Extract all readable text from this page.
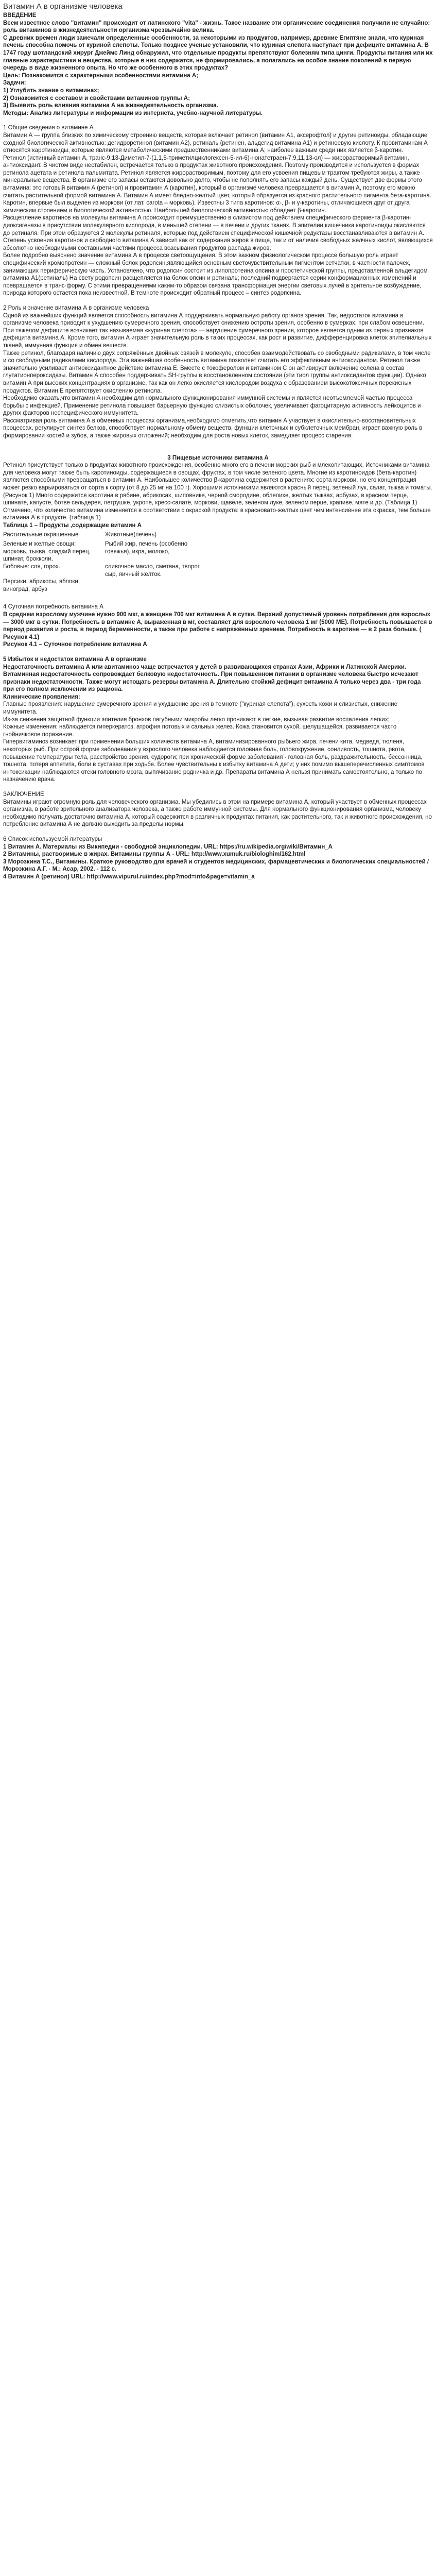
Витамин А в организме человека

ВВЕДЕНИЕ

Всем известное слово "витамин" происходит от латинского "vita" - жизнь. Такое название эти органические соединения получили не случайно: роль витаминов в жизнедеятельности организма чрезвычайно велика.

С древних времен люди замечали определенные особенности, за некоторыми из продуктов, например, древние Египтяне знали, что куриная печень способна помочь от куриной слепоты. Только позднее ученые установили, что куриная слепота наступает при дефиците витамина А. В 1747 году шотландский хирург Джеймс Линд обнаружил, что отдельные продукты препятствуют болезням типа цинги. Продукты питания или их главные характеристики и вещества, которые в них содержатся, не формировались, а полагались на особое знание поколений в первую очередь в виде жизненного опыта. Но что же особенного в этих продуктах?

Цель: Познакомится с характерными особенностями витамина А;

Задачи:

1) Углубить знание о витаминах;

2) Ознакомится с составом и свойствами витаминов группы А;

3) Выявить роль влияния витамина А на жизнедеятельность организма.

Методы: Анализ литературы и информации из интернета, учебно-научной литературы.

1 Общие сведения о витамине А

Витамин А — группа близких по химическому строению веществ, которая включает ретинол (витамин A1, аксерофтол) и другие ретиноиды, обладающие сходной биологической активностью: дегидроретинол (витамин A2), ретиналь (ретинен, альдегид витамина A1) и ретиноевую кислоту. К провитаминам А относятся каротиноиды, которые являются метаболическими предшественниками витамина А; наиболее важным среди них является β-каротин.

Ретинол (истинный витамин А, транс-9,13-Диметил-7-(1,1,5-триметилциклогексен-5-ил-6)-нонатетраен-7,9,11,13-ол) — жирорастворимый витамин, антиоксидант. В чистом виде нестабилен, встречается только в продуктах животного происхождения. Поэтому производится и используется в формах ретинола ацетата и ретинола пальмитата. Ретинол является жирорастворимым, поэтому для его усвоения пищевым трактом требуются жиры, а также минеральные вещества. В организме его запасы остаются довольно долго, чтобы не пополнять его запасы каждый день. Существует две формы этого витамина: это готовый витамин А (ретинол) и провитамин А (каротин), который в организме человека превращается в витамин А, поэтому его можно считать растительной формой витамина А. Витамин А имеет бледно-желтый цвет, который образуется из красного растительного пигмента бета-каротина.

Каротин, впервые был выделен из моркови (от лат. carota – морковь). Известны 3 типа каротинов: α-, β- и γ-каротины, отличающиеся друг от друга химическим строением и биологической активностью. Наибольшей биологической активностью обладает β-каротин.

Расщепление каротинов на молекулы витамина А происходит преимущественно в слизистом под действием специфического фермента β-каротин-диоксигеназы в присутствии молекулярного кислорода, в меньшей степени — в печени и других тканях. В эпителии кишечника каротиноиды окисляются до ретиналя. При этом образуются 2 молекулы ретиналя, которые под действием специфической кишечной редуктазы восстанавливаются в витамин А. Степень усвоения каротинов и свободного витамина А зависит как от содержания жиров в пище, так и от наличия свободных желчных кислот, являющихся абсолютно необходимыми составными частями процесса всасывания продуктов распада жиров.

Более подробно выяснено значение витамина А в процессе светоощущения. В этом важном физиологическом процессе большую роль играет специфический хромопротеин — сложный белок родопсин,являющийся основным светочувствительным пигментом сетчатки, в частности палочек, занимающих периферическую часть. Установлено, что родопсин состоит из липопротеина опсина и простетической группы, представленной альдегидом витамина A1(ретиналь) На свету родопсин расщепляется на белок опсин и ретиналь; последний подвергается серии конформационных изменений и превращается в транс-форму. С этими превращениями каким-то образом связана трансформация энергии световых лучей в зрительное возбуждение, природа которого остается пока неизвестной. В темноте происходит обратный процесс – синтез родопсина.

2 Роль и значение витамина А в организме человека

Одной из важнейших функций является способность витамина А поддерживать нормальную работу органов зрения. Так, недостаток витамина в организме человека приводит к ухудшению сумеречного зрения, способствует снижению остроты зрения, особенно в сумерках, при слабом освещении. При тяжелом дефиците возникает так называемая «куриная слепота» — нарушение сумеречного зрения, которое является одним из первых признаков дефицита витамина А. Кроме того, витамин А играет значительную роль в таких процессах, как рост и развитие, дифференцировка клеток эпителиальных тканей, иммунная функция и обмен веществ.

Также ретинол, благодаря наличию двух сопряжённых двойных связей в молекуле, способен взаимодействовать со свободными радикалами, в том числе и со свободными радикалами кислорода. Эта важнейшая особенность витамина позволяет считать его эффективным антиоксидантом. Ретинол также значительно усиливает антиоксидантное действие витамина Е. Вместе с токоферолом и витамином С он активирует включение селена в состав глутатионпероксидазы. Витамин А способен поддерживать SH-группы в восстановленном состоянии (эти тиол группы антиоксидантов функции). Однако витамин А при высоких концентрациях в организме, так как он легко окисляется кислородом воздуха с образованием высокотоксичных перекисных продуктов. Витамин Е препятствует окислению ретинола.

Необходимо сказать,что витамин А необходим для нормального функционирования иммунной системы и является неотъемлемой частью процесса борьбы с инфекцией. Применение ретинола повышает барьерную функцию слизистых оболочек, увеличивает фагоцитарную активность лейкоцитов и других факторов неспецифического иммунитета.

Рассматривая роль витамина А в обменных процессах организма,необходимо отметить,что витамин А участвует в окислительно-восстановительных процессах, регулирует синтез белков, способствует нормальному обмену веществ, функции клеточных и субклеточных мембран, играет важную роль в формировании костей и зубов, а также жировых отложений; необходим для роста новых клеток, замедляет процесс старения.

3 Пищевые источники витамина А

Ретинол присутствует только в продуктах животного происхождения, особенно много его в печени морских рыб и млекопитающих. Источниками витамина для человека могут также быть каротиноиды, содержащиеся в овощах, фруктах, в том числе зеленого цвета. Многие из каротиноидов (бета-каротин) являются способными превращаться в витамин А. Наибольшее количество β-каротина содержится в растениях: сорта моркови, но его концентрация может резко варьироваться от сорта к сорту (от 8 до 25 мг на 100 г). Хорошими источниками являются красный перец, зеленый лук, салат, тыква и томаты. (Рисунок 1) Много содержится каротина в рябине, абрикосах, шиповнике, черной смородине, облепихе, желтых тыквах, арбузах, в красном перце, шпинате, капусте, ботве сельдерея, петрушке, укропе, кресс-салате, моркови, щавеле, зеленом луке, зеленом перце, крапиве, мяте и др. (Таблица 1) Отмечено, что количество витамина изменяется в соответствии с окраской продукта: в красновато-желтых цвет чем интенсивнее эта окраска, тем больше витамина А в продукте. (таблица 1)

Таблица 1 – Продукты ,содержащие витамин А

Растительные окрашенные	Животные(печень)	
Зеленые и желтые овощи: морковь, тыква, сладкий перец, шпинат, брокколи,	Рыбий жир, печень (особенно говяжья), икра, молоко,	
Бобовые: соя, горох.	сливочное масло, сметана, творог, сыр, яичный желток.	
Персики, абрикосы, яблоки, виноград, арбуз		

4 Суточная потребность витамина А

В среднем взрослому мужчине нужно 900 мкг, а женщине 700 мкг витамина А в сутки. Верхний допустимый уровень потребления для взрослых — 3000 мкг в сутки. Потребность в витамине А, выраженная в мг, составляет для взрослого человека 1 мг (5000 МЕ). Потребность повышается в период развития и роста, в период беременности, а также при работе с напряжённым зрением. Потребность в каротине — в 2 раза больше. ( Рисунок 4.1)

Рисунок 4.1 – Суточное потребление витамина А

5 Избыток и недостаток витамина А в организме

Недостаточность витамина А или авитаминоз чаще встречается у детей в развивающихся странах Азии, Африки и Латинской Америки. Витаминная недостаточность сопровождает белковую недостаточность. При повышенном питании в организме человека быстро исчезают признаки недостаточности. Также могут истощать резервы витамина А. Длительно стойкий дефицит витамина А только через два - три года при его полном исключении из рациона.

Клинические проявления:

Главные проявления: нарушение сумеречного зрения и ухудшение зрения в темноте ("куриная слепота"), сухость кожи и слизистых, снижение иммунитета.

Из-за снижения защитной функции эпителия бронхов пагубными микробы легко проникают в легкие, вызывая развитие воспаления легких;

Кожные изменения: наблюдается гиперкератоз, атрофия потовых и сальных желез. Кожа становится сухой, шелушащейся, развивается часто гнойничковое поражение.

Гипервитаминоз возникает при применении больших количеств витамина А, витаминизированного рыбьего жира, печени кита, медведя, тюленя, некоторых рыб. При острой форме заболевания у взрослого человека наблюдается головная боль, головокружение, сонливость, тошнота, рвота, повышение температуры тела, расстройство зрения, судороги; при хронической форме заболевания - головная боль, раздражительность, бессонница, тошнота, потеря аппетита, боли в суставах при ходьбе. Более чувствительны к избытку витамина А дети; у них помимо вышеперечисленных симптомов интоксикации наблюдаются отеки головного мозга, выпячивание родничка и др. Препараты витамина А нельзя принимать самостоятельно, а только по назначению врача.

ЗАКЛЮЧЕНИЕ

Витамины играют огромную роль для человеческого организма. Мы убедились в этом на примере витамина А, который участвует в обменных процессах организма, в работе зрительного анализатора человека, а также работе иммунной системы. Для нормального функционирования организма, человеку необходимо получать достаточно витамина А, который содержится в различных продуктах питания, как растительного, так и животного происхождения, но потребление витамина А не должно выходить за пределы нормы.

6 Список используемой литературы

1 Витамин А. Материалы из Википедии - свободной энциклопедии. URL: https://ru.wikipedia.org/wiki/Витамин_А

2 Витамины, растворимые в жирах. Витамины группы А - URL: http://www.xumuk.ru/biologhim/162.html

3 Морозкина Т.С., Витамины. Краткое руководство для врачей и студентов медицинских, фармацевтических и биологических специальностей / Морозкина А.Г. - М.: Асар, 2002. - 112 с.

4 Витамин А (ретинол) URL: http://www.vipurul.ru/index.php?mod=info&page=vitamin_a
